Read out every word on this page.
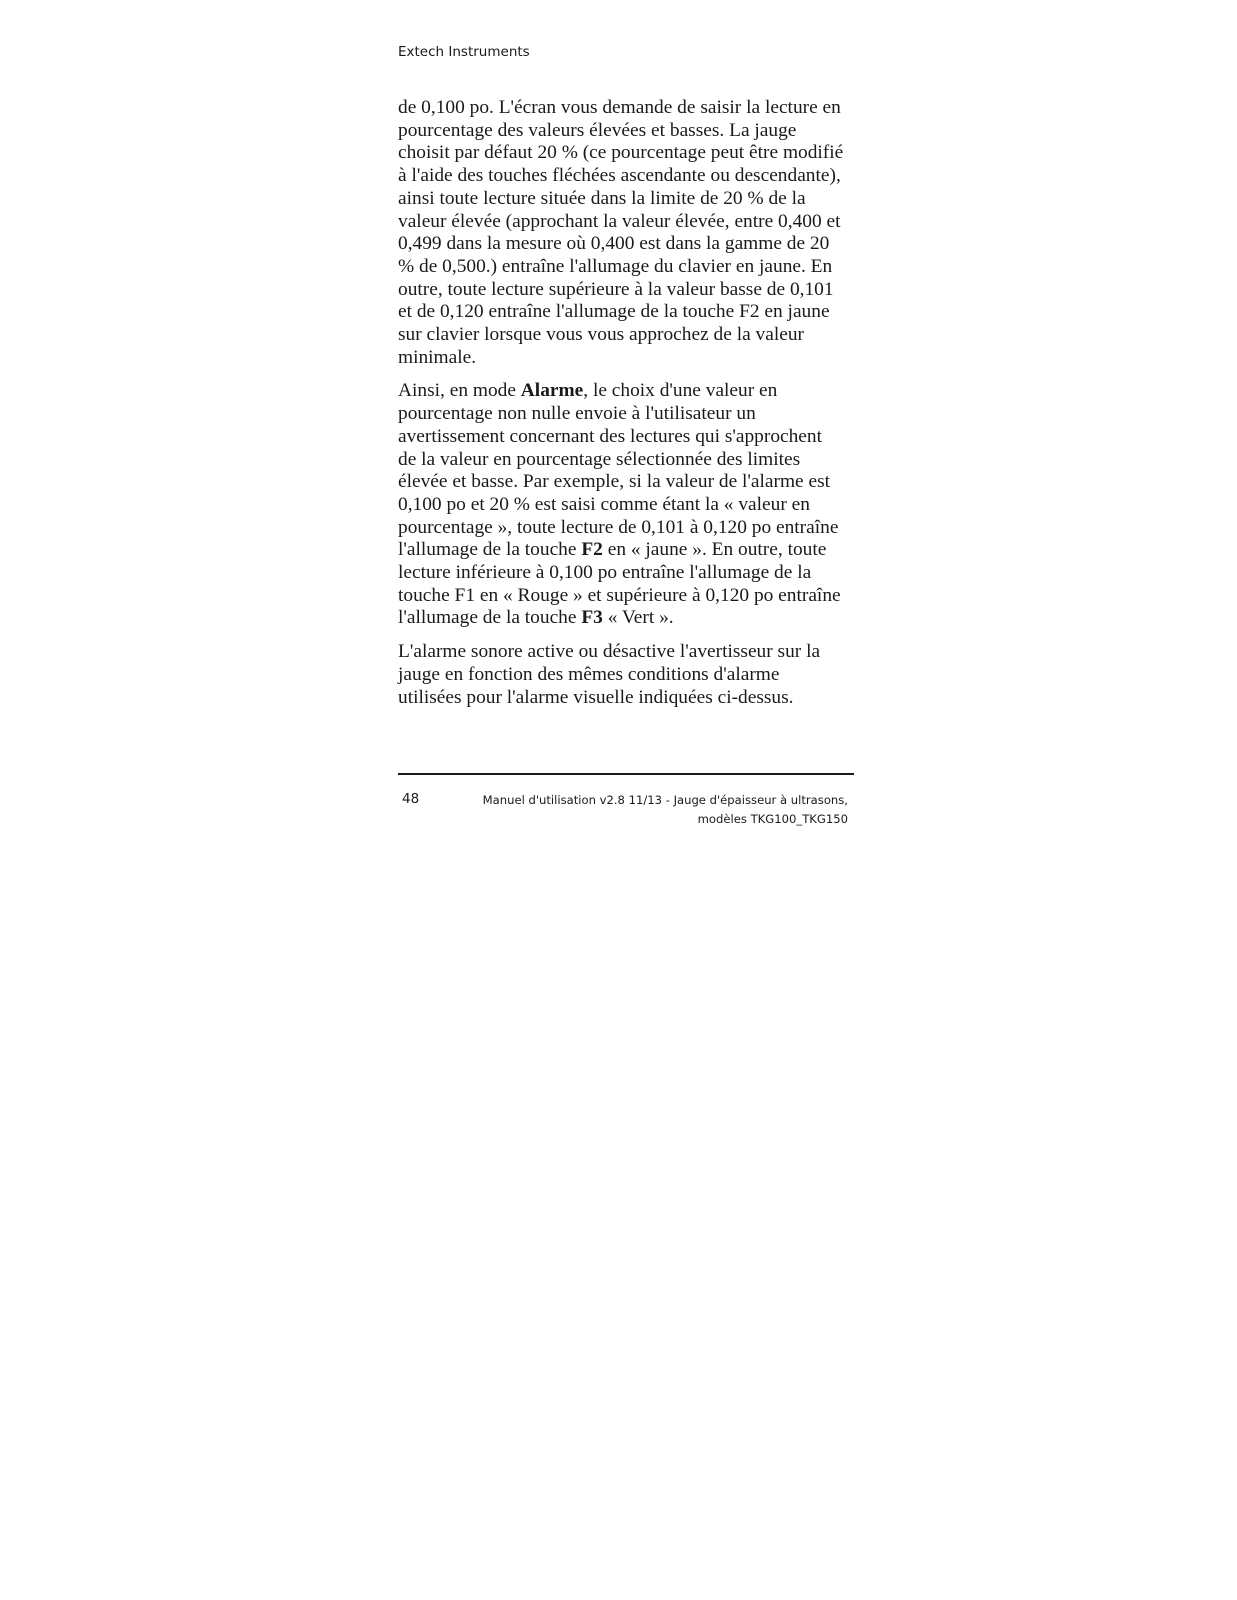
Extech Instruments

de 0,100 po. L'écran vous demande de saisir la lecture en
pourcentage des valeurs élevées et basses. La jauge
choisit par défaut 20 % (ce pourcentage peut être modifié
à l'aide des touches fléchées ascendante ou descendante),
ainsi toute lecture située dans la limite de 20 % de la
valeur élevée (approchant la valeur élevée, entre 0,400 et
0,499 dans la mesure où 0,400 est dans la gamme de 20
% de 0,500.) entraîne l'allumage du clavier en jaune. En
outre, toute lecture supérieure à la valeur basse de 0,101
et de 0,120 entraîne l'allumage de la touche F2 en jaune
sur clavier lorsque vous vous approchez de la valeur
minimale.

Ainsi, en mode Alarme, le choix d'une valeur en
pourcentage non nulle envoie à l'utilisateur un
avertissement concernant des lectures qui s'approchent
de la valeur en pourcentage sélectionnée des limites
élevée et basse. Par exemple, si la valeur de l'alarme est
0,100 po et 20 % est saisi comme étant la « valeur en
pourcentage », toute lecture de 0,101 à 0,120 po entraîne
l'allumage de la touche F2 en « jaune ». En outre, toute
lecture inférieure à 0,100 po entraîne l'allumage de la
touche F1 en « Rouge » et supérieure à 0,120 po entraîne
l'allumage de la touche F3 « Vert ».

L'alarme sonore active ou désactive l'avertisseur sur la
jauge en fonction des mêmes conditions d'alarme
utilisées pour l'alarme visuelle indiquées ci-dessus.

48	Manuel d'utilisation v2.8 11/13 - Jauge d'épaisseur à ultrasons,
modèles TKG100_TKG150
